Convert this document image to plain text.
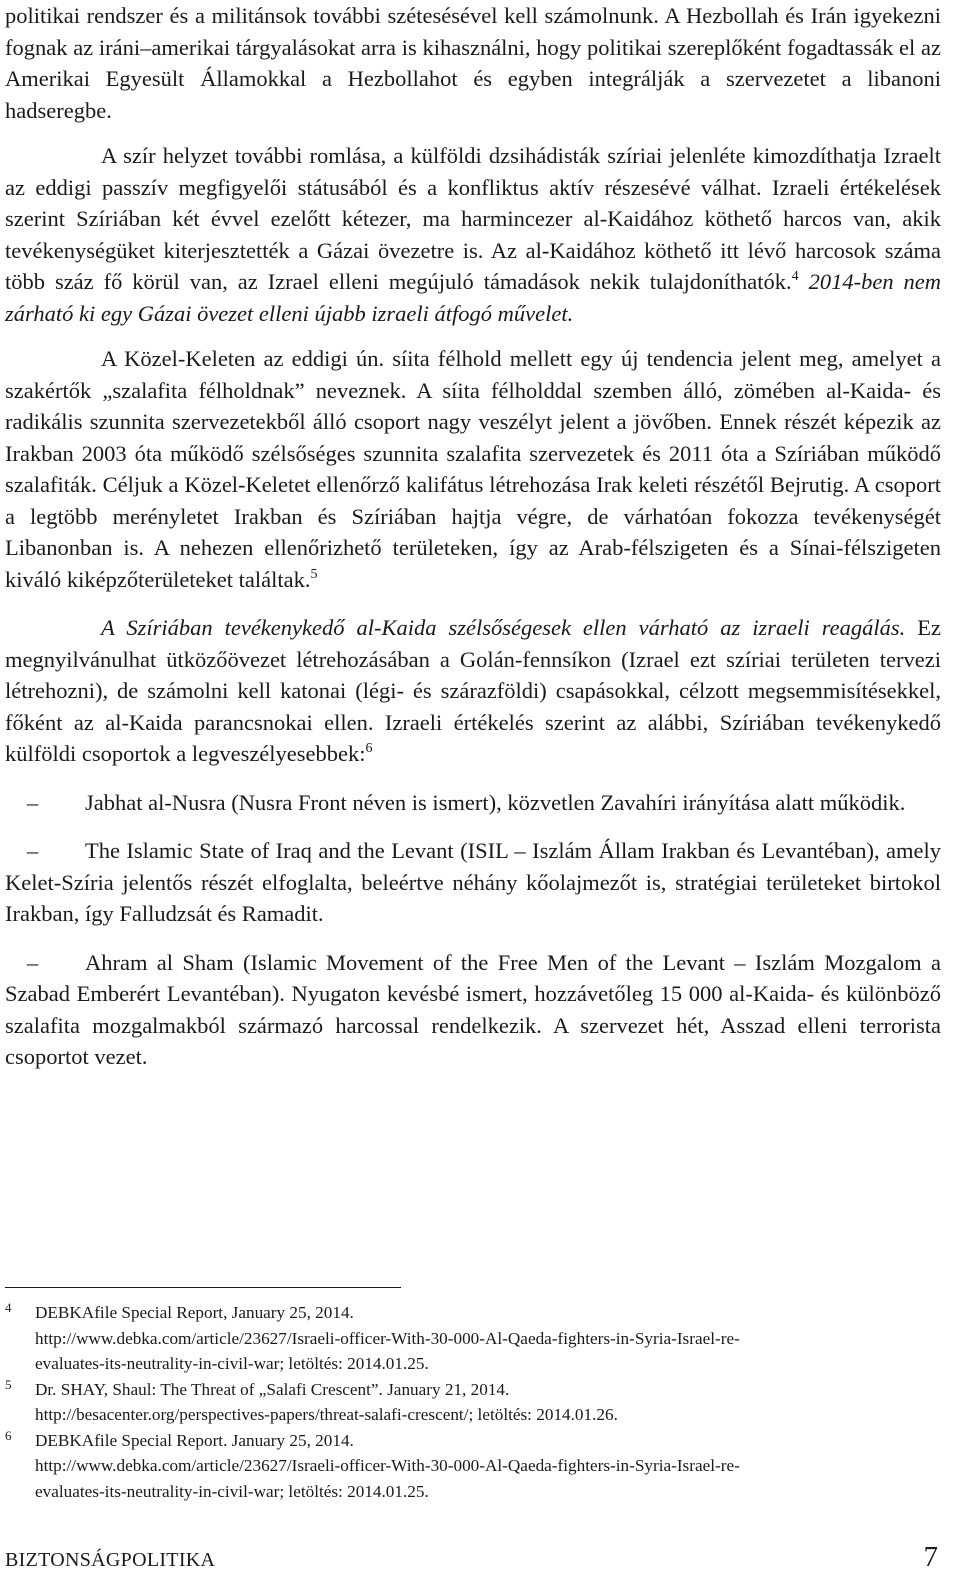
politikai rendszer és a militánsok további szétesésével kell számolnunk. A Hezbollah és Irán igyekezni fognak az iráni–amerikai tárgyalásokat arra is kihasználni, hogy politikai szereplőként fogadtassák el az Amerikai Egyesült Államokkal a Hezbollahot és egyben integrálják a szervezetet a libanoni hadseregbe.

A szír helyzet további romlása, a külföldi dzsihádisták szíriai jelenléte kimozdíthatja Izraelt az eddigi passzív megfigyelői státusából és a konfliktus aktív részesévé válhat. Izraeli értékelések szerint Szíriában két évvel ezelőtt kétezer, ma harmincezer al-Kaidához köthető harcos van, akik tevékenységüket kiterjesztették a Gázai övezetre is. Az al-Kaidához köthető itt lévő harcosok száma több száz fő körül van, az Izrael elleni megújuló támadások nekik tulajdoníthatók.$^4$ 2014-ben nem zárható ki egy Gázai övezet elleni újabb izraeli átfogó művelet.

A Közel-Keleten az eddigi ún. síita félhold mellett egy új tendencia jelent meg, amelyet a szakértők „szalafita félholdnak” neveznek. A síita félholddal szemben álló, zömében al-Kaida- és radikális szunnita szervezetekből álló csoport nagy veszélyt jelent a jövőben. Ennek részét képezik az Irakban 2003 óta működő szélsőséges szunnita szalafita szervezetek és 2011 óta a Szíriában működő szalafiták. Céljuk a Közel-Keletet ellenőrző kalifátus létrehozása Irak keleti részétől Bejrutig. A csoport a legtöbb merényletet Irakban és Szíriában hajtja végre, de várhatóan fokozza tevékenységét Libanonban is. A nehezen ellenőrizhető területeken, így az Arab-félszigeten és a Sínai-félszigeten kiváló kiképzőterületeket találtak.$^5$

A Szíriában tevékenykedő al-Kaida szélsőségesek ellen várható az izraeli reagálás. Ez megnyilvánulhat ütközőövezet létrehozásában a Golán-fennsíkon (Izrael ezt szíriai területen tervezi létrehozni), de számolni kell katonai (légi- és szárazföldi) csapásokkal, célzott megsemmisítésekkel, főként az al-Kaida parancsnokai ellen. Izraeli értékelés szerint az alábbi, Szíriában tevékenykedő külföldi csoportok a legveszélyesebbek:$^6$

– Jabhat al-Nusra (Nusra Front néven is ismert), közvetlen Zavahíri irányítása alatt működik.

– The Islamic State of Iraq and the Levant (ISIL – Iszlám Állam Irakban és Levantéban), amely Kelet-Szíria jelentős részét elfoglalta, beleértve néhány kőolajmezőt is, stratégiai területeket birtokol Irakban, így Falludzsát és Ramadit.

– Ahram al Sham (Islamic Movement of the Free Men of the Levant – Iszlám Mozgalom a Szabad Emberért Levantéban). Nyugaton kevésbé ismert, hozzávetőleg 15 000 al-Kaida- és különböző szalafita mozgalmakból származó harcossal rendelkezik. A szervezet hét, Asszad elleni terrorista csoportot vezet.

4 DEBKAfile Special Report, January 25, 2014.
http://www.debka.com/article/23627/Israeli-officer-With-30-000-Al-Qaeda-fighters-in-Syria-Israel-re-
evaluates-its-neutrality-in-civil-war; letöltés: 2014.01.25.
5 Dr. SHAY, Shaul: The Threat of „Salafi Crescent”. January 21, 2014.
http://besacenter.org/perspectives-papers/threat-salafi-crescent/; letöltés: 2014.01.26.
6 DEBKAfile Special Report. January 25, 2014.
http://www.debka.com/article/23627/Israeli-officer-With-30-000-Al-Qaeda-fighters-in-Syria-Israel-re-
evaluates-its-neutrality-in-civil-war; letöltés: 2014.01.25.
BIZTONSÁGPOLITIKA	7
